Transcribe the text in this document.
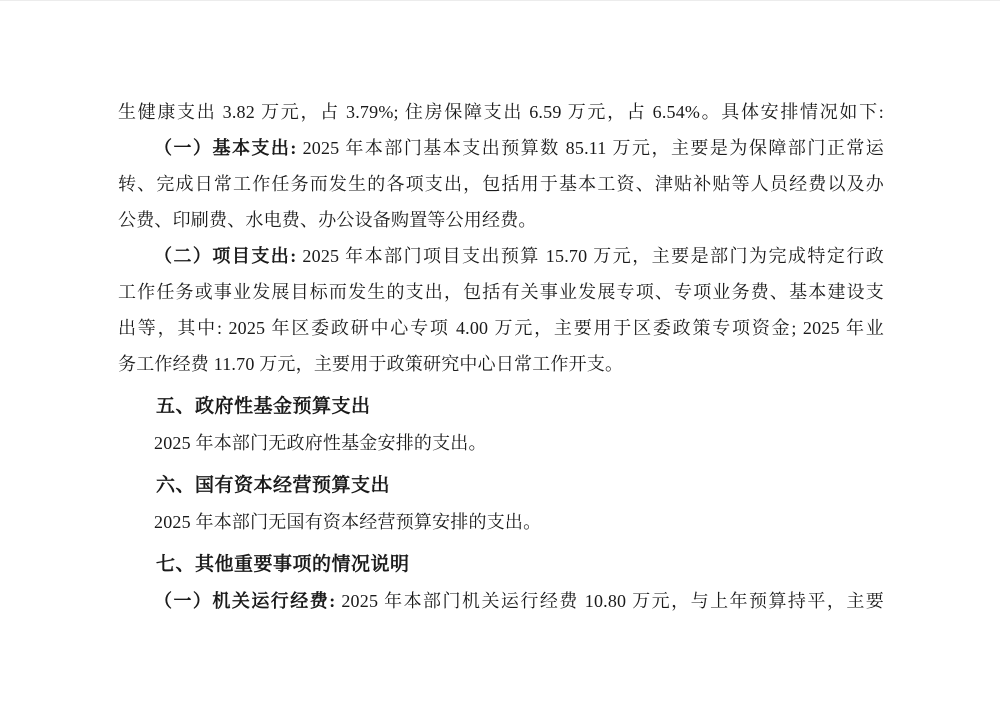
生健康支出 3.82 万元，占 3.79%; 住房保障支出 6.59 万元，占 6.54%。具体安排情况如下:
（一）基本支出: 2025 年本部门基本支出预算数 85.11 万元，主要是为保障部门正常运
转、完成日常工作任务而发生的各项支出，包括用于基本工资、津贴补贴等人员经费以及办
公费、印刷费、水电费、办公设备购置等公用经费。
（二）项目支出: 2025 年本部门项目支出预算 15.70 万元，主要是部门为完成特定行政
工作任务或事业发展目标而发生的支出，包括有关事业发展专项、专项业务费、基本建设支
出等，其中: 2025 年区委政研中心专项 4.00 万元，主要用于区委政策专项资金; 2025 年业
务工作经费 11.70 万元，主要用于政策研究中心日常工作开支。
五、政府性基金预算支出
2025 年本部门无政府性基金安排的支出。
六、国有资本经营预算支出
2025 年本部门无国有资本经营预算安排的支出。
七、其他重要事项的情况说明
（一）机关运行经费: 2025 年本部门机关运行经费 10.80 万元，与上年预算持平，主要
